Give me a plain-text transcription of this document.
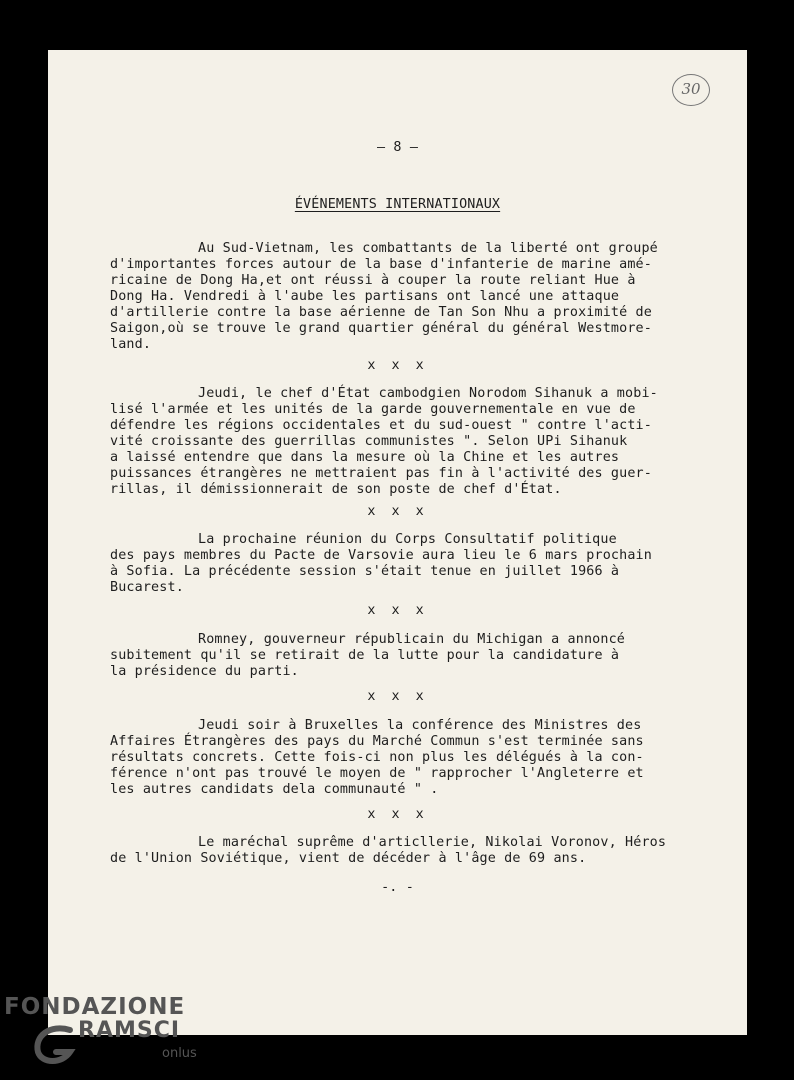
30
— 8 —
ÉVÉNEMENTS INTERNATIONAUX
Au Sud-Vietnam, les combattants de la liberté ont groupé
d'importantes forces autour de la base d'infanterie de marine amé-
ricaine de Dong Ha,et ont réussi à couper la route reliant Hue à
Dong Ha. Vendredi à l'aube les partisans ont lancé une attaque
d'artillerie contre la base aérienne de Tan Son Nhu a proximité de
Saigon,où se trouve le grand quartier général du général Westmore-
land.
x x x
Jeudi, le chef d'État cambodgien Norodom Sihanuk a mobi-
lisé l'armée et les unités de la garde gouvernementale en vue de
défendre les régions occidentales et du sud-ouest " contre l'acti-
vité croissante des guerrillas communistes ". Selon UPi Sihanuk
a laissé entendre que dans la mesure où la Chine et les autres
puissances étrangères ne mettraient pas fin à l'activité des guer-
rillas, il démissionnerait de son poste de chef d'État.
x x x
La prochaine réunion du Corps Consultatif politique
des pays membres du Pacte de Varsovie aura lieu le 6 mars prochain
à Sofia. La précédente session s'était tenue en juillet 1966 à
Bucarest.
x x x
Romney, gouverneur républicain du Michigan a annoncé
subitement qu'il se retirait de la lutte pour la candidature à
la présidence du parti.
x x x
Jeudi soir à Bruxelles la conférence des Ministres des
Affaires Étrangères des pays du Marché Commun s'est terminée sans
résultats concrets. Cette fois-ci non plus les délégués à la con-
férence n'ont pas trouvé le moyen de " rapprocher l'Angleterre et
les autres candidats dela communauté " .
x x x
Le maréchal suprême d'articllerie, Nikolai Voronov, Héros
de l'Union Soviétique, vient de décéder à l'âge de 69 ans.
-. -
FONDAZIONE
RAMSCI
onlus
